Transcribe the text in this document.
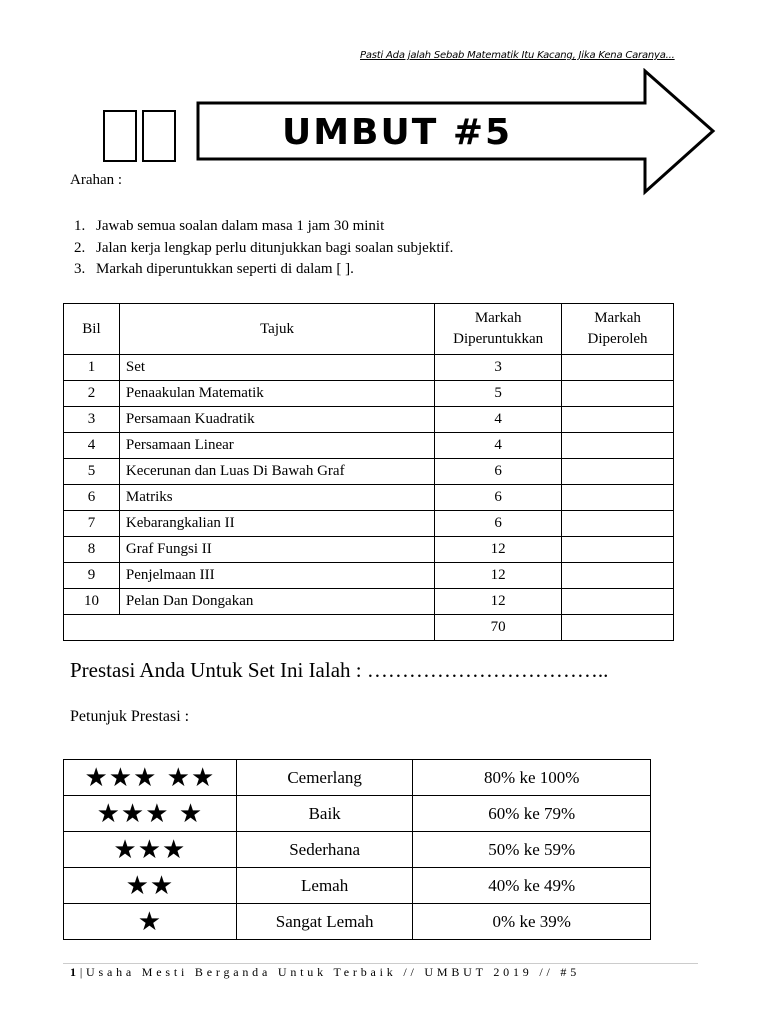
Pasti Ada jalah Sebab Matematik Itu Kacang, Jika Kena Caranya...
UMBUT #5
Arahan :
1. Jawab semua soalan dalam masa 1 jam 30 minit
2. Jalan kerja lengkap perlu ditunjukkan bagi soalan subjektif.
3. Markah diperuntukkan seperti di dalam [ ].
Bil	Tajuk	Markah Diperuntukkan	Markah Diperoleh
1	Set	3	
2	Penaakulan Matematik	5	
3	Persamaan Kuadratik	4	
4	Persamaan Linear	4	
5	Kecerunan dan Luas Di Bawah Graf	6	
6	Matriks	6	
7	Kebarangkalian II	6	
8	Graf Fungsi II	12	
9	Penjelmaan III	12	
10	Pelan Dan Dongakan	12	
		70	
Prestasi Anda Untuk Set Ini Ialah : ……………………………..
Petunjuk Prestasi :
★★★ ★★	Cemerlang	80% ke 100%
★★★ ★	Baik	60% ke 79%
★★★	Sederhana	50% ke 59%
★★	Lemah	40% ke 49%
★	Sangat Lemah	0% ke 39%
1|Usaha Mesti Berganda Untuk Terbaik // UMBUT 2019 // #5
